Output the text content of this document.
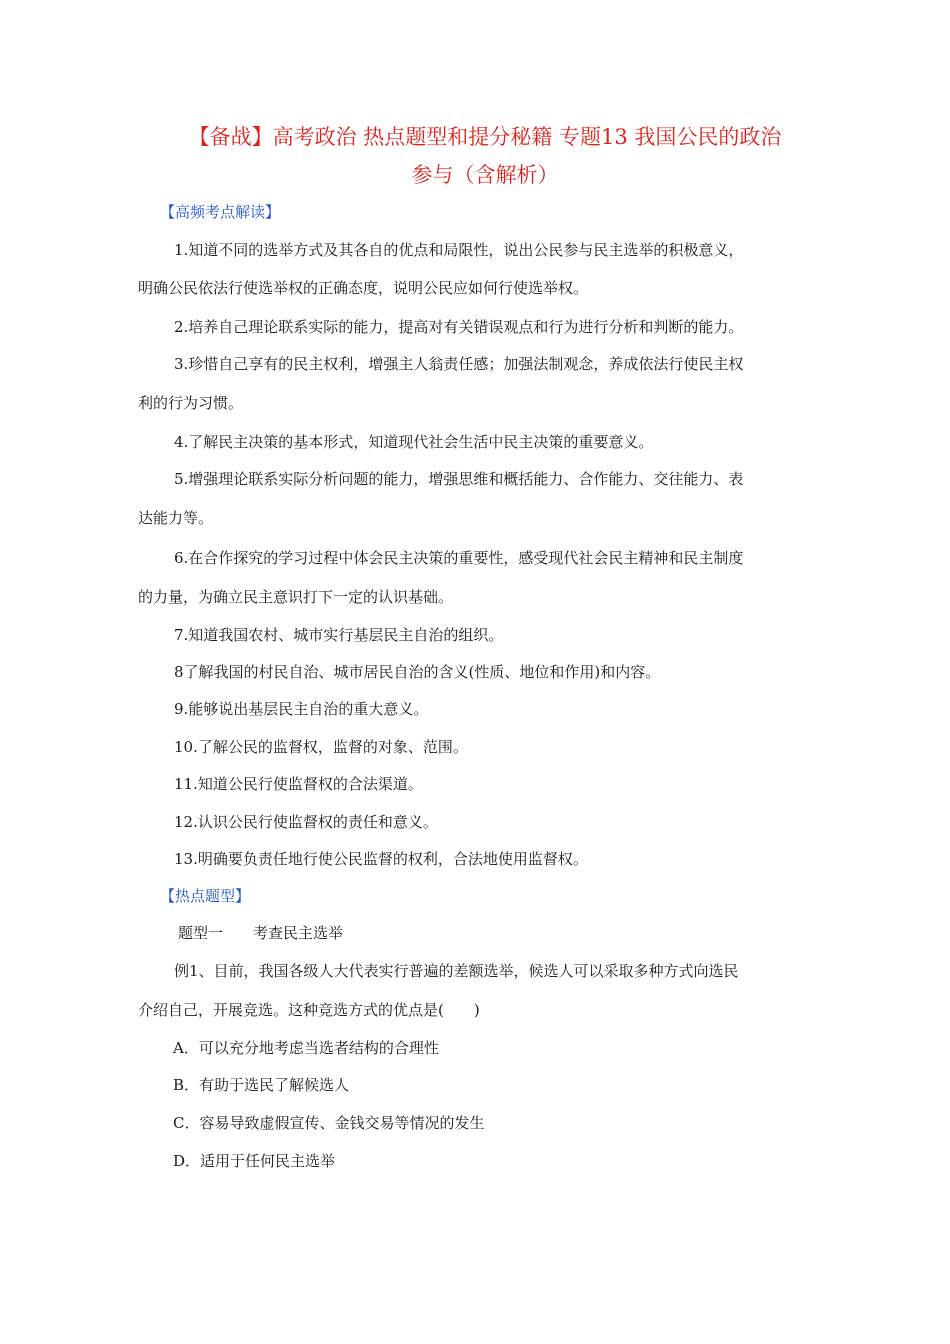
【备战】高考政治 热点题型和提分秘籍 专题13 我国公民的政治
参与（含解析）
【高频考点解读】
1.知道不同的选举方式及其各自的优点和局限性，说出公民参与民主选举的积极意义，
明确公民依法行使选举权的正确态度，说明公民应如何行使选举权。
2.培养自己理论联系实际的能力，提高对有关错误观点和行为进行分析和判断的能力。
3.珍惜自己享有的民主权利，增强主人翁责任感；加强法制观念，养成依法行使民主权
利的行为习惯。
4.了解民主决策的基本形式，知道现代社会生活中民主决策的重要意义。
5.增强理论联系实际分析问题的能力，增强思维和概括能力、合作能力、交往能力、表
达能力等。
6.在合作探究的学习过程中体会民主决策的重要性，感受现代社会民主精神和民主制度
的力量，为确立民主意识打下一定的认识基础。
7.知道我国农村、城市实行基层民主自治的组织。
8了解我国的村民自治、城市居民自治的含义(性质、地位和作用)和内容。
9.能够说出基层民主自治的重大意义。
10.了解公民的监督权，监督的对象、范围。
11.知道公民行使监督权的合法渠道。
12.认识公民行使监督权的责任和意义。
13.明确要负责任地行使公民监督的权利，合法地使用监督权。
【热点题型】
题型一　　考查民主选举
例1、目前，我国各级人大代表实行普遍的差额选举，候选人可以采取多种方式向选民
介绍自己，开展竞选。这种竞选方式的优点是(　　)
A．可以充分地考虑当选者结构的合理性
B．有助于选民了解候选人
C．容易导致虚假宣传、金钱交易等情况的发生
D．适用于任何民主选举
